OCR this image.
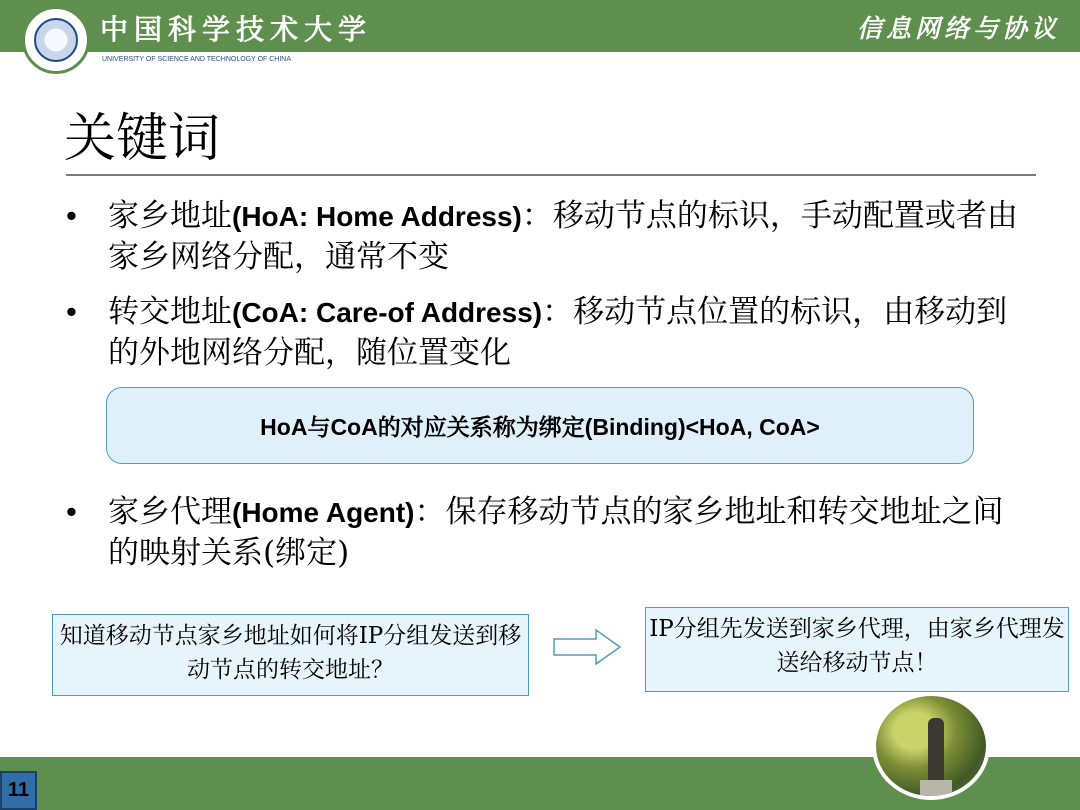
中国科学技术大学
UNIVERSITY OF SCIENCE AND TECHNOLOGY OF CHINA
信息网络与协议
关键词
• 家乡地址(HoA: Home Address)：移动节点的标识，手动配置或者由家乡网络分配，通常不变
• 转交地址(CoA: Care-of Address)：移动节点位置的标识，由移动到的外地网络分配，随位置变化
HoA与CoA的对应关系称为绑定(Binding)<HoA, CoA>
• 家乡代理(Home Agent)：保存移动节点的家乡地址和转交地址之间的映射关系(绑定)
知道移动节点家乡地址如何将IP分组发送到移动节点的转交地址？
IP分组先发送到家乡代理，由家乡代理发送给移动节点！
11
